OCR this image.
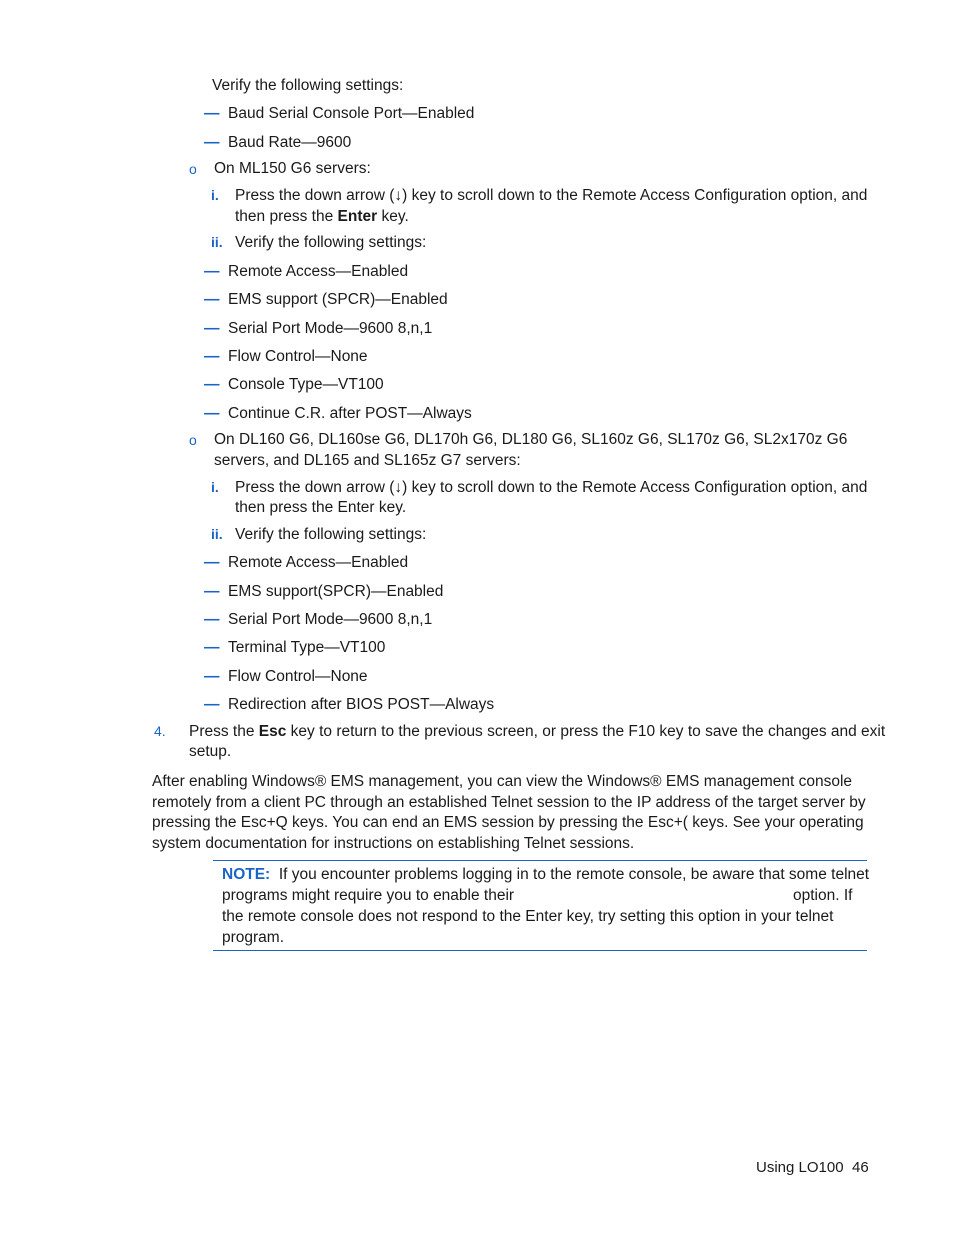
Verify the following settings:
— Baud Serial Console Port—Enabled
— Baud Rate—9600
o On ML150 G6 servers:
i. Press the down arrow (↓) key to scroll down to the Remote Access Configuration option, and
then press the Enter key.
ii. Verify the following settings:
— Remote Access—Enabled
— EMS support (SPCR)—Enabled
— Serial Port Mode—9600 8,n,1
— Flow Control—None
— Console Type—VT100
— Continue C.R. after POST—Always
o On DL160 G6, DL160se G6, DL170h G6, DL180 G6, SL160z G6, SL170z G6, SL2x170z G6
servers, and DL165 and SL165z G7 servers:
i. Press the down arrow (↓) key to scroll down to the Remote Access Configuration option, and
then press the Enter key.
ii. Verify the following settings:
— Remote Access—Enabled
— EMS support(SPCR)—Enabled
— Serial Port Mode—9600 8,n,1
— Terminal Type—VT100
— Flow Control—None
— Redirection after BIOS POST—Always
4. Press the Esc key to return to the previous screen, or press the F10 key to save the changes and exit
setup.
After enabling Windows® EMS management, you can view the Windows® EMS management console
remotely from a client PC through an established Telnet session to the IP address of the target server by
pressing the Esc+Q keys. You can end an EMS session by pressing the Esc+( keys. See your operating
system documentation for instructions on establishing Telnet sessions.
NOTE: If you encounter problems logging in to the remote console, be aware that some telnet
programs might require you to enable their	option. If
the remote console does not respond to the Enter key, try setting this option in your telnet
program.
Using LO100 46
